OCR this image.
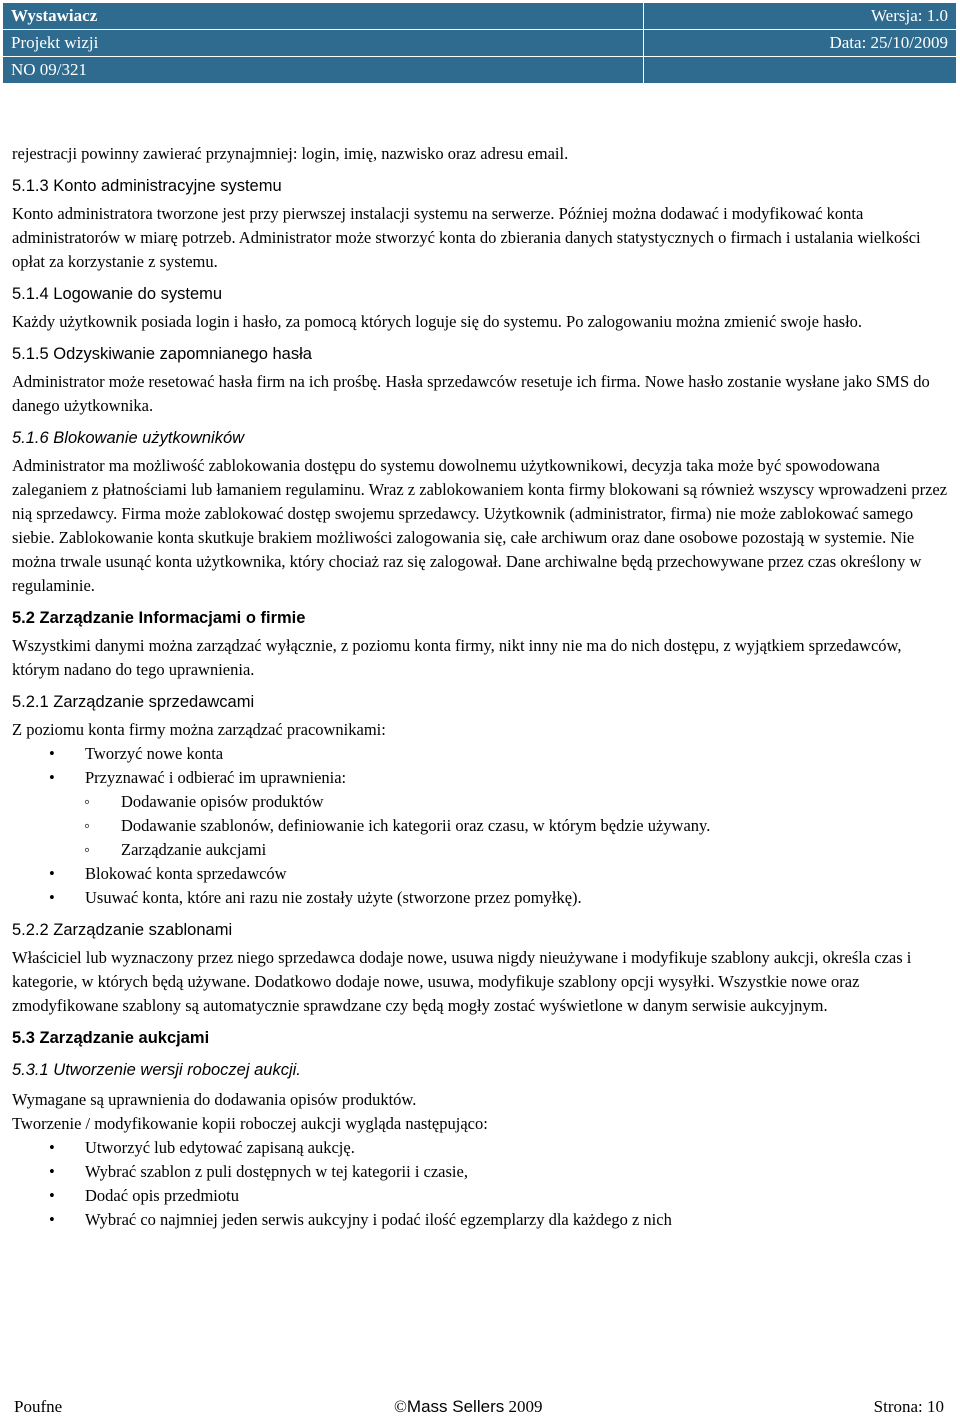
Wystawiacz	Wersja: 1.0
Projekt wizji	Data: 25/10/2009
NO 09/321	

rejestracji powinny zawierać przynajmniej: login, imię, nazwisko oraz adresu email.

5.1.3 Konto administracyjne systemu

Konto administratora tworzone jest przy pierwszej instalacji systemu na serwerze. Później można dodawać i modyfikować konta administratorów w miarę potrzeb. Administrator może stworzyć konta do zbierania danych statystycznych o firmach i ustalania wielkości opłat za korzystanie z systemu.

5.1.4 Logowanie do systemu

Każdy użytkownik posiada login i hasło, za pomocą których loguje się do systemu. Po zalogowaniu można zmienić swoje hasło.

5.1.5 Odzyskiwanie zapomnianego hasła

Administrator może resetować hasła firm na ich prośbę. Hasła sprzedawców resetuje ich firma. Nowe hasło zostanie wysłane jako SMS do danego użytkownika.

5.1.6 Blokowanie użytkowników

Administrator ma możliwość zablokowania dostępu do systemu dowolnemu użytkownikowi, decyzja taka może być spowodowana zaleganiem z płatnościami lub łamaniem regulaminu. Wraz z zablokowaniem konta firmy blokowani są również wszyscy wprowadzeni przez nią sprzedawcy. Firma może zablokować dostęp swojemu sprzedawcy. Użytkownik (administrator, firma) nie może zablokować samego siebie. Zablokowanie konta skutkuje brakiem możliwości zalogowania się, całe archiwum oraz dane osobowe pozostają w systemie. Nie można trwale usunąć konta użytkownika, który chociaż raz się zalogował. Dane archiwalne będą przechowywane przez czas określony w regulaminie.

5.2 Zarządzanie Informacjami o firmie

Wszystkimi danymi można zarządzać wyłącznie, z poziomu konta firmy, nikt inny nie ma do nich dostępu, z wyjątkiem sprzedawców, którym nadano do tego uprawnienia.

5.2.1 Zarządzanie sprzedawcami

Z poziomu konta firmy można zarządzać pracownikami:

• Tworzyć nowe konta
• Przyznawać i odbierać im uprawnienia:
◦ Dodawanie opisów produktów
◦ Dodawanie szablonów, definiowanie ich kategorii oraz czasu, w którym będzie używany.
◦ Zarządzanie aukcjami
• Blokować konta sprzedawców
• Usuwać konta, które ani razu nie zostały użyte (stworzone przez pomyłkę).
5.2.2 Zarządzanie szablonami

Właściciel lub wyznaczony przez niego sprzedawca dodaje nowe, usuwa nigdy nieużywane i modyfikuje szablony aukcji, określa czas i kategorie, w których będą używane. Dodatkowo dodaje nowe, usuwa, modyfikuje szablony opcji wysyłki. Wszystkie nowe oraz zmodyfikowane szablony są automatycznie sprawdzane czy będą mogły zostać wyświetlone w danym serwisie aukcyjnym.

5.3 Zarządzanie aukcjami
5.3.1 Utworzenie wersji roboczej aukcji.

Wymagane są uprawnienia do dodawania opisów produktów.

Tworzenie / modyfikowanie kopii roboczej aukcji wygląda następująco:

• Utworzyć lub edytować zapisaną aukcję.
• Wybrać szablon z puli dostępnych w tej kategorii i czasie,
• Dodać opis przedmiotu
• Wybrać co najmniej jeden serwis aukcyjny i podać ilość egzemplarzy dla każdego z nich
Poufne	©Mass Sellers 2009	Strona: 10
